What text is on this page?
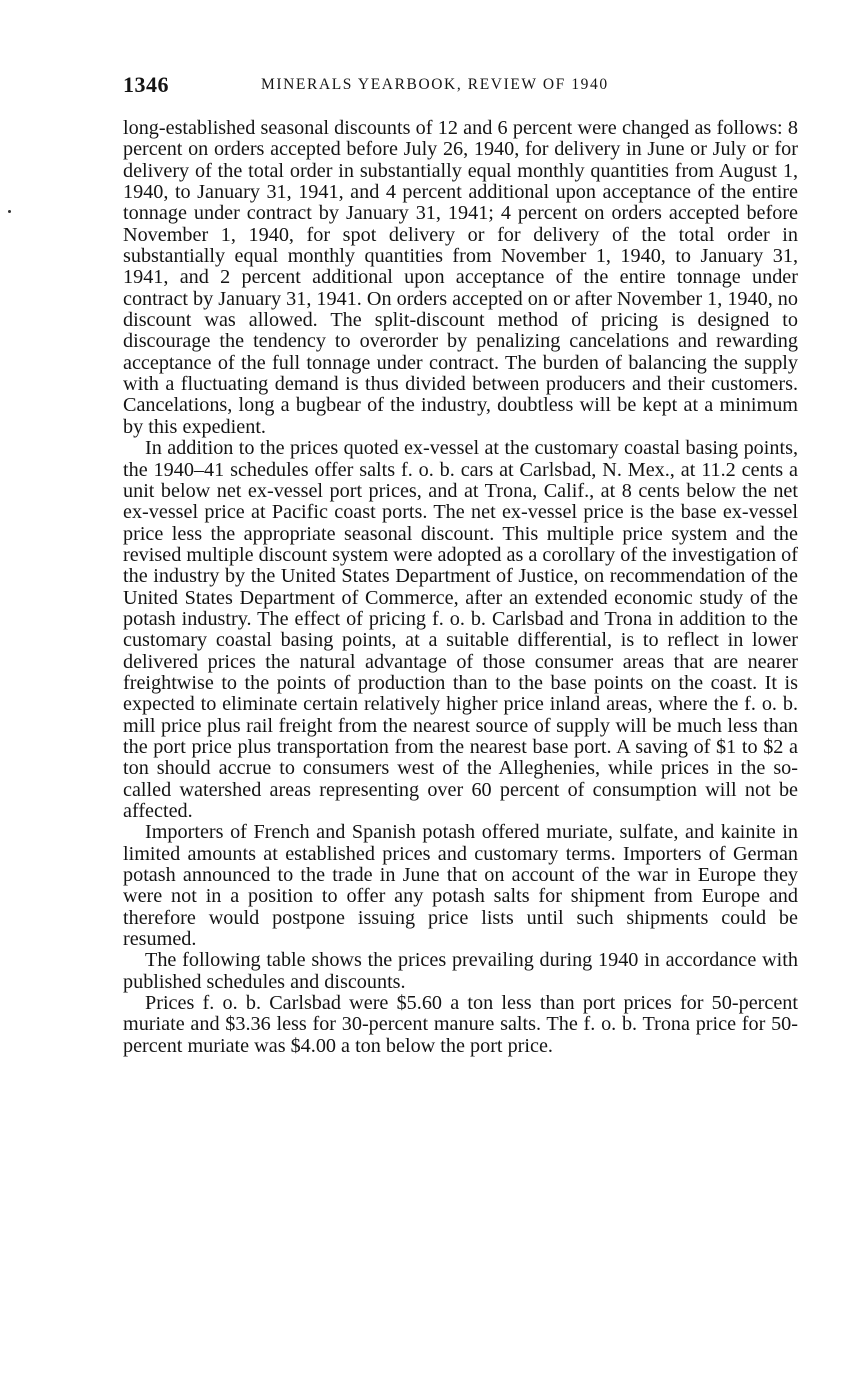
1346	MINERALS YEARBOOK, REVIEW OF 1940

long-established seasonal discounts of 12 and 6 percent were changed as follows: 8 percent on orders accepted before July 26, 1940, for delivery in June or July or for delivery of the total order in substantially equal monthly quantities from August 1, 1940, to January 31, 1941, and 4 percent additional upon acceptance of the entire tonnage under contract by January 31, 1941; 4 percent on orders accepted before November 1, 1940, for spot delivery or for delivery of the total order in substantially equal monthly quantities from November 1, 1940, to January 31, 1941, and 2 percent additional upon acceptance of the entire tonnage under contract by January 31, 1941. On orders accepted on or after November 1, 1940, no discount was allowed. The split-discount method of pricing is designed to discourage the tendency to overorder by penalizing cancelations and rewarding acceptance of the full tonnage under contract. The burden of balancing the supply with a fluctuating demand is thus divided between producers and their customers. Cancelations, long a bugbear of the industry, doubtless will be kept at a minimum by this expedient.

In addition to the prices quoted ex-vessel at the customary coastal basing points, the 1940–41 schedules offer salts f. o. b. cars at Carlsbad, N. Mex., at 11.2 cents a unit below net ex-vessel port prices, and at Trona, Calif., at 8 cents below the net ex-vessel price at Pacific coast ports. The net ex-vessel price is the base ex-vessel price less the appropriate seasonal discount. This multiple price system and the revised multiple discount system were adopted as a corollary of the investigation of the industry by the United States Department of Justice, on recommendation of the United States Department of Commerce, after an extended economic study of the potash industry. The effect of pricing f. o. b. Carlsbad and Trona in addition to the customary coastal basing points, at a suitable differential, is to reflect in lower delivered prices the natural advantage of those consumer areas that are nearer freightwise to the points of production than to the base points on the coast. It is expected to eliminate certain relatively higher price inland areas, where the f. o. b. mill price plus rail freight from the nearest source of supply will be much less than the port price plus transportation from the nearest base port. A saving of $1 to $2 a ton should accrue to consumers west of the Alleghenies, while prices in the so-called watershed areas representing over 60 percent of consumption will not be affected.

Importers of French and Spanish potash offered muriate, sulfate, and kainite in limited amounts at established prices and customary terms. Importers of German potash announced to the trade in June that on account of the war in Europe they were not in a position to offer any potash salts for shipment from Europe and therefore would postpone issuing price lists until such shipments could be resumed.

The following table shows the prices prevailing during 1940 in accordance with published schedules and discounts.

Prices f. o. b. Carlsbad were $5.60 a ton less than port prices for 50-percent muriate and $3.36 less for 30-percent manure salts. The f. o. b. Trona price for 50-percent muriate was $4.00 a ton below the port price.
